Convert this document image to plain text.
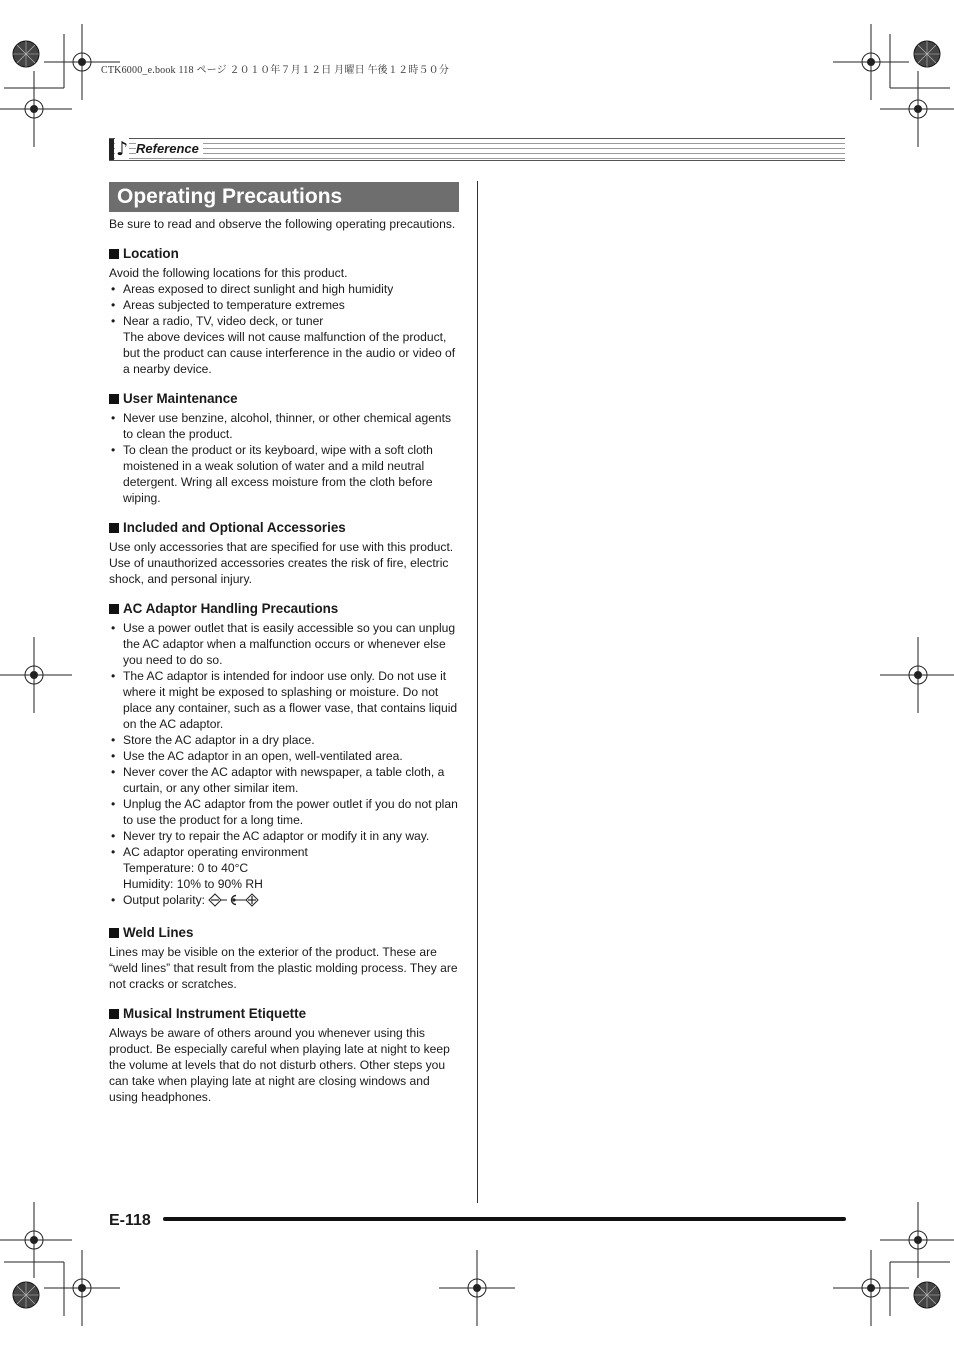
CTK6000_e.book 118 ページ ２０１０年７月１２日 月曜日 午後１２時５０分
♪ Reference
Operating Precautions

Be sure to read and observe the following operating precautions.

Location

Avoid the following locations for this product.

• Areas exposed to direct sunlight and high humidity
• Areas subjected to temperature extremes
• Near a radio, TV, video deck, or tuner
The above devices will not cause malfunction of the product, but the product can cause interference in the audio or video of a nearby device.
User Maintenance
• Never use benzine, alcohol, thinner, or other chemical agents to clean the product.
• To clean the product or its keyboard, wipe with a soft cloth moistened in a weak solution of water and a mild neutral detergent. Wring all excess moisture from the cloth before wiping.
Included and Optional Accessories

Use only accessories that are specified for use with this product. Use of unauthorized accessories creates the risk of fire, electric shock, and personal injury.

AC Adaptor Handling Precautions
• Use a power outlet that is easily accessible so you can unplug the AC adaptor when a malfunction occurs or whenever else you need to do so.
• The AC adaptor is intended for indoor use only. Do not use it where it might be exposed to splashing or moisture. Do not place any container, such as a flower vase, that contains liquid on the AC adaptor.
• Store the AC adaptor in a dry place.
• Use the AC adaptor in an open, well-ventilated area.
• Never cover the AC adaptor with newspaper, a table cloth, a curtain, or any other similar item.
• Unplug the AC adaptor from the power outlet if you do not plan to use the product for a long time.
• Never try to repair the AC adaptor or modify it in any way.
• AC adaptor operating environment
Temperature: 0 to 40°C
Humidity: 10% to 90% RH
• Output polarity:
Weld Lines

Lines may be visible on the exterior of the product. These are “weld lines” that result from the plastic molding process. They are not cracks or scratches.

Musical Instrument Etiquette

Always be aware of others around you whenever using this product. Be especially careful when playing late at night to keep the volume at levels that do not disturb others. Other steps you can take when playing late at night are closing windows and using headphones.

E-118
